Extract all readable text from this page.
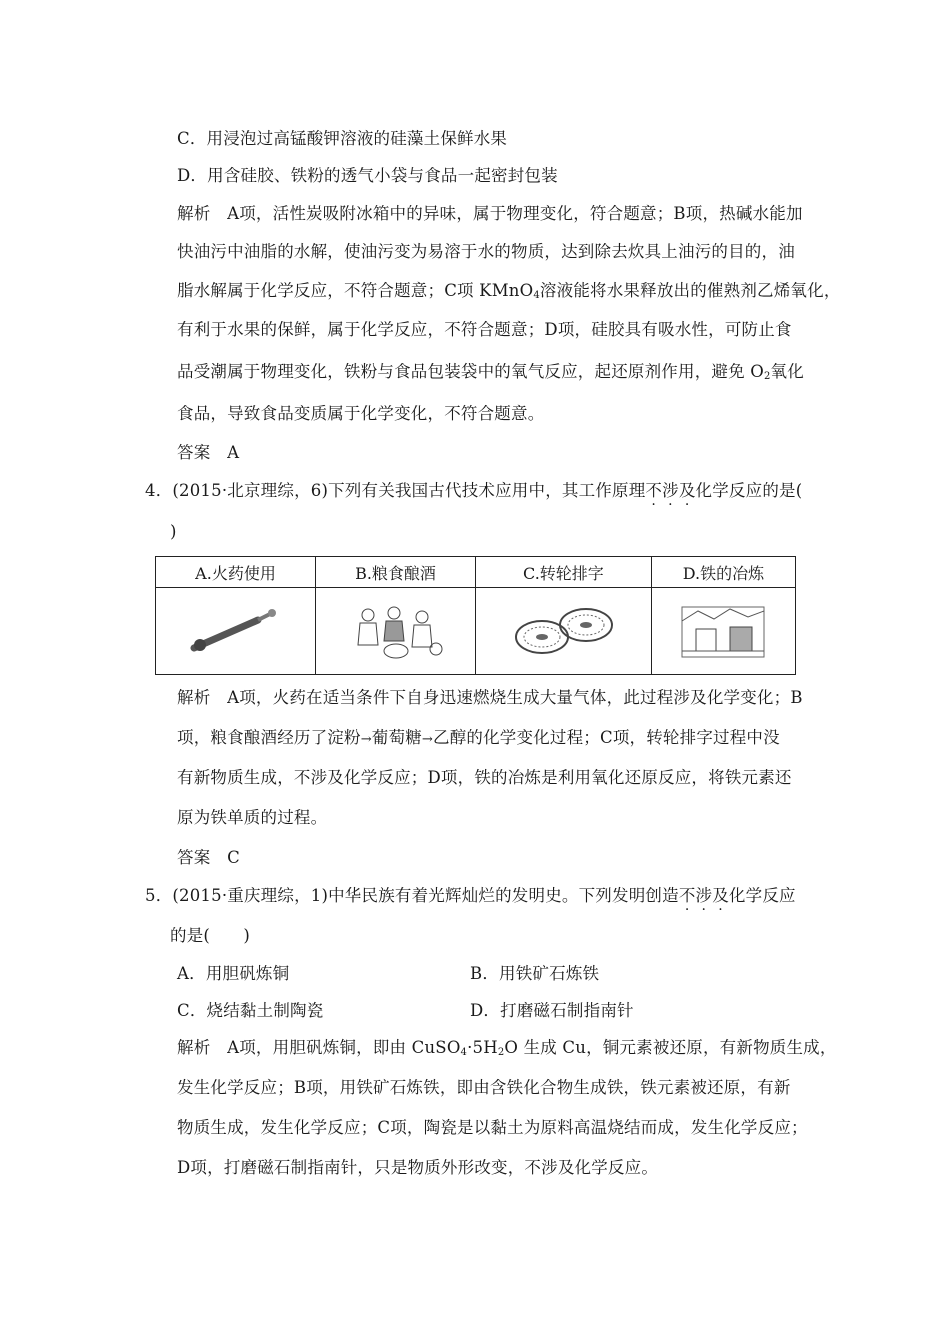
C．用浸泡过高锰酸钾溶液的硅藻土保鲜水果
D．用含硅胶、铁粉的透气小袋与食品一起密封包装
解析　A项，活性炭吸附冰箱中的异味，属于物理变化，符合题意；B项，热碱水能加
快油污中油脂的水解，使油污变为易溶于水的物质，达到除去炊具上油污的目的，油
脂水解属于化学反应，不符合题意；C项 KMnO$_4$溶液能将水果释放出的催熟剂乙烯氧化，
有利于水果的保鲜，属于化学反应，不符合题意；D项，硅胶具有吸水性，可防止食
品受潮属于物理变化，铁粉与食品包装袋中的氧气反应，起还原剂作用，避免 $O_2$氧化
食品，导致食品变质属于化学变化，不符合题意。
答案　A
4．(2015·北京理综，6)下列有关我国古代技术应用中，其工作原理不涉及化学反应的是(
)
A.火药使用	B.粮食酿酒	C.转轮排字	D.铁的冶炼

解析　A项，火药在适当条件下自身迅速燃烧生成大量气体，此过程涉及化学变化；B
项，粮食酿酒经历了淀粉→葡萄糖→乙醇的化学变化过程；C项，转轮排字过程中没
有新物质生成，不涉及化学反应；D项，铁的冶炼是利用氧化还原反应，将铁元素还
原为铁单质的过程。
答案　C
5．(2015·重庆理综，1)中华民族有着光辉灿烂的发明史。下列发明创造不涉及化学反应
的是(　　)
A．用胆矾炼铜	B．用铁矿石炼铁
C．烧结黏土制陶瓷	D．打磨磁石制指南针
解析　A项，用胆矾炼铜，即由 $CuSO_4\cdot 5H_2O$ 生成 Cu，铜元素被还原，有新物质生成，
发生化学反应；B项，用铁矿石炼铁，即由含铁化合物生成铁，铁元素被还原，有新
物质生成，发生化学反应；C项，陶瓷是以黏土为原料高温烧结而成，发生化学反应；
D项，打磨磁石制指南针，只是物质外形改变，不涉及化学反应。
